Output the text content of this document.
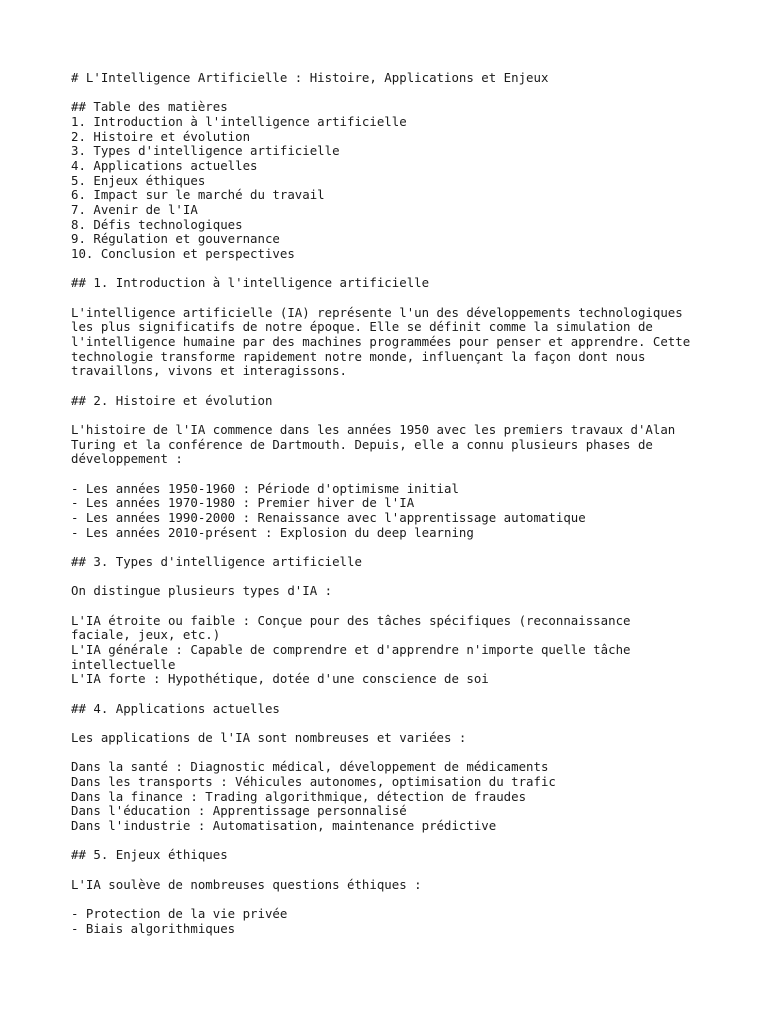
# L'Intelligence Artificielle : Histoire, Applications et Enjeux
## Table des matières
1. Introduction à l'intelligence artificielle
2. Histoire et évolution
3. Types d'intelligence artificielle
4. Applications actuelles
5. Enjeux éthiques
6. Impact sur le marché du travail
7. Avenir de l'IA
8. Défis technologiques
9. Régulation et gouvernance
10. Conclusion et perspectives
## 1. Introduction à l'intelligence artificielle
L'intelligence artificielle (IA) représente l'un des développements technologiques
les plus significatifs de notre époque. Elle se définit comme la simulation de
l'intelligence humaine par des machines programmées pour penser et apprendre. Cette
technologie transforme rapidement notre monde, influençant la façon dont nous
travaillons, vivons et interagissons.
## 2. Histoire et évolution
L'histoire de l'IA commence dans les années 1950 avec les premiers travaux d'Alan
Turing et la conférence de Dartmouth. Depuis, elle a connu plusieurs phases de
développement :
- Les années 1950-1960 : Période d'optimisme initial
- Les années 1970-1980 : Premier hiver de l'IA
- Les années 1990-2000 : Renaissance avec l'apprentissage automatique
- Les années 2010-présent : Explosion du deep learning
## 3. Types d'intelligence artificielle
On distingue plusieurs types d'IA :
L'IA étroite ou faible : Conçue pour des tâches spécifiques (reconnaissance
faciale, jeux, etc.)
L'IA générale : Capable de comprendre et d'apprendre n'importe quelle tâche
intellectuelle
L'IA forte : Hypothétique, dotée d'une conscience de soi
## 4. Applications actuelles
Les applications de l'IA sont nombreuses et variées :
Dans la santé : Diagnostic médical, développement de médicaments
Dans les transports : Véhicules autonomes, optimisation du trafic
Dans la finance : Trading algorithmique, détection de fraudes
Dans l'éducation : Apprentissage personnalisé
Dans l'industrie : Automatisation, maintenance prédictive
## 5. Enjeux éthiques
L'IA soulève de nombreuses questions éthiques :
- Protection de la vie privée
- Biais algorithmiques
